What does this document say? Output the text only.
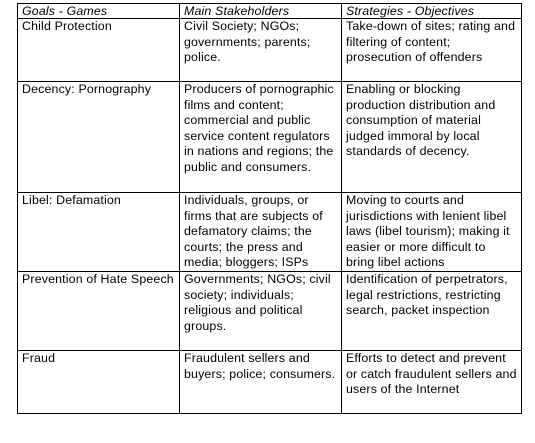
Goals - Games	Main Stakeholders	Strategies - Objectives
Child Protection	Civil Society; NGOs; governments; parents; police.	Take-down of sites; rating and filtering of content; prosecution of offenders
Decency: Pornography	Producers of pornographic films and content; commercial and public service content regulators in nations and regions; the public and consumers.	Enabling or blocking production distribution and consumption of material judged immoral by local standards of decency.
Libel: Defamation	Individuals, groups, or firms that are subjects of defamatory claims; the courts; the press and media; bloggers; ISPs	Moving to courts and jurisdictions with lenient libel laws (libel tourism); making it easier or more difficult to bring libel actions
Prevention of Hate Speech	Governments; NGOs; civil society; individuals; religious and political groups.	Identification of perpetrators, legal restrictions, restricting search, packet inspection
Fraud	Fraudulent sellers and buyers; police; consumers.	Efforts to detect and prevent or catch fraudulent sellers and users of the Internet
